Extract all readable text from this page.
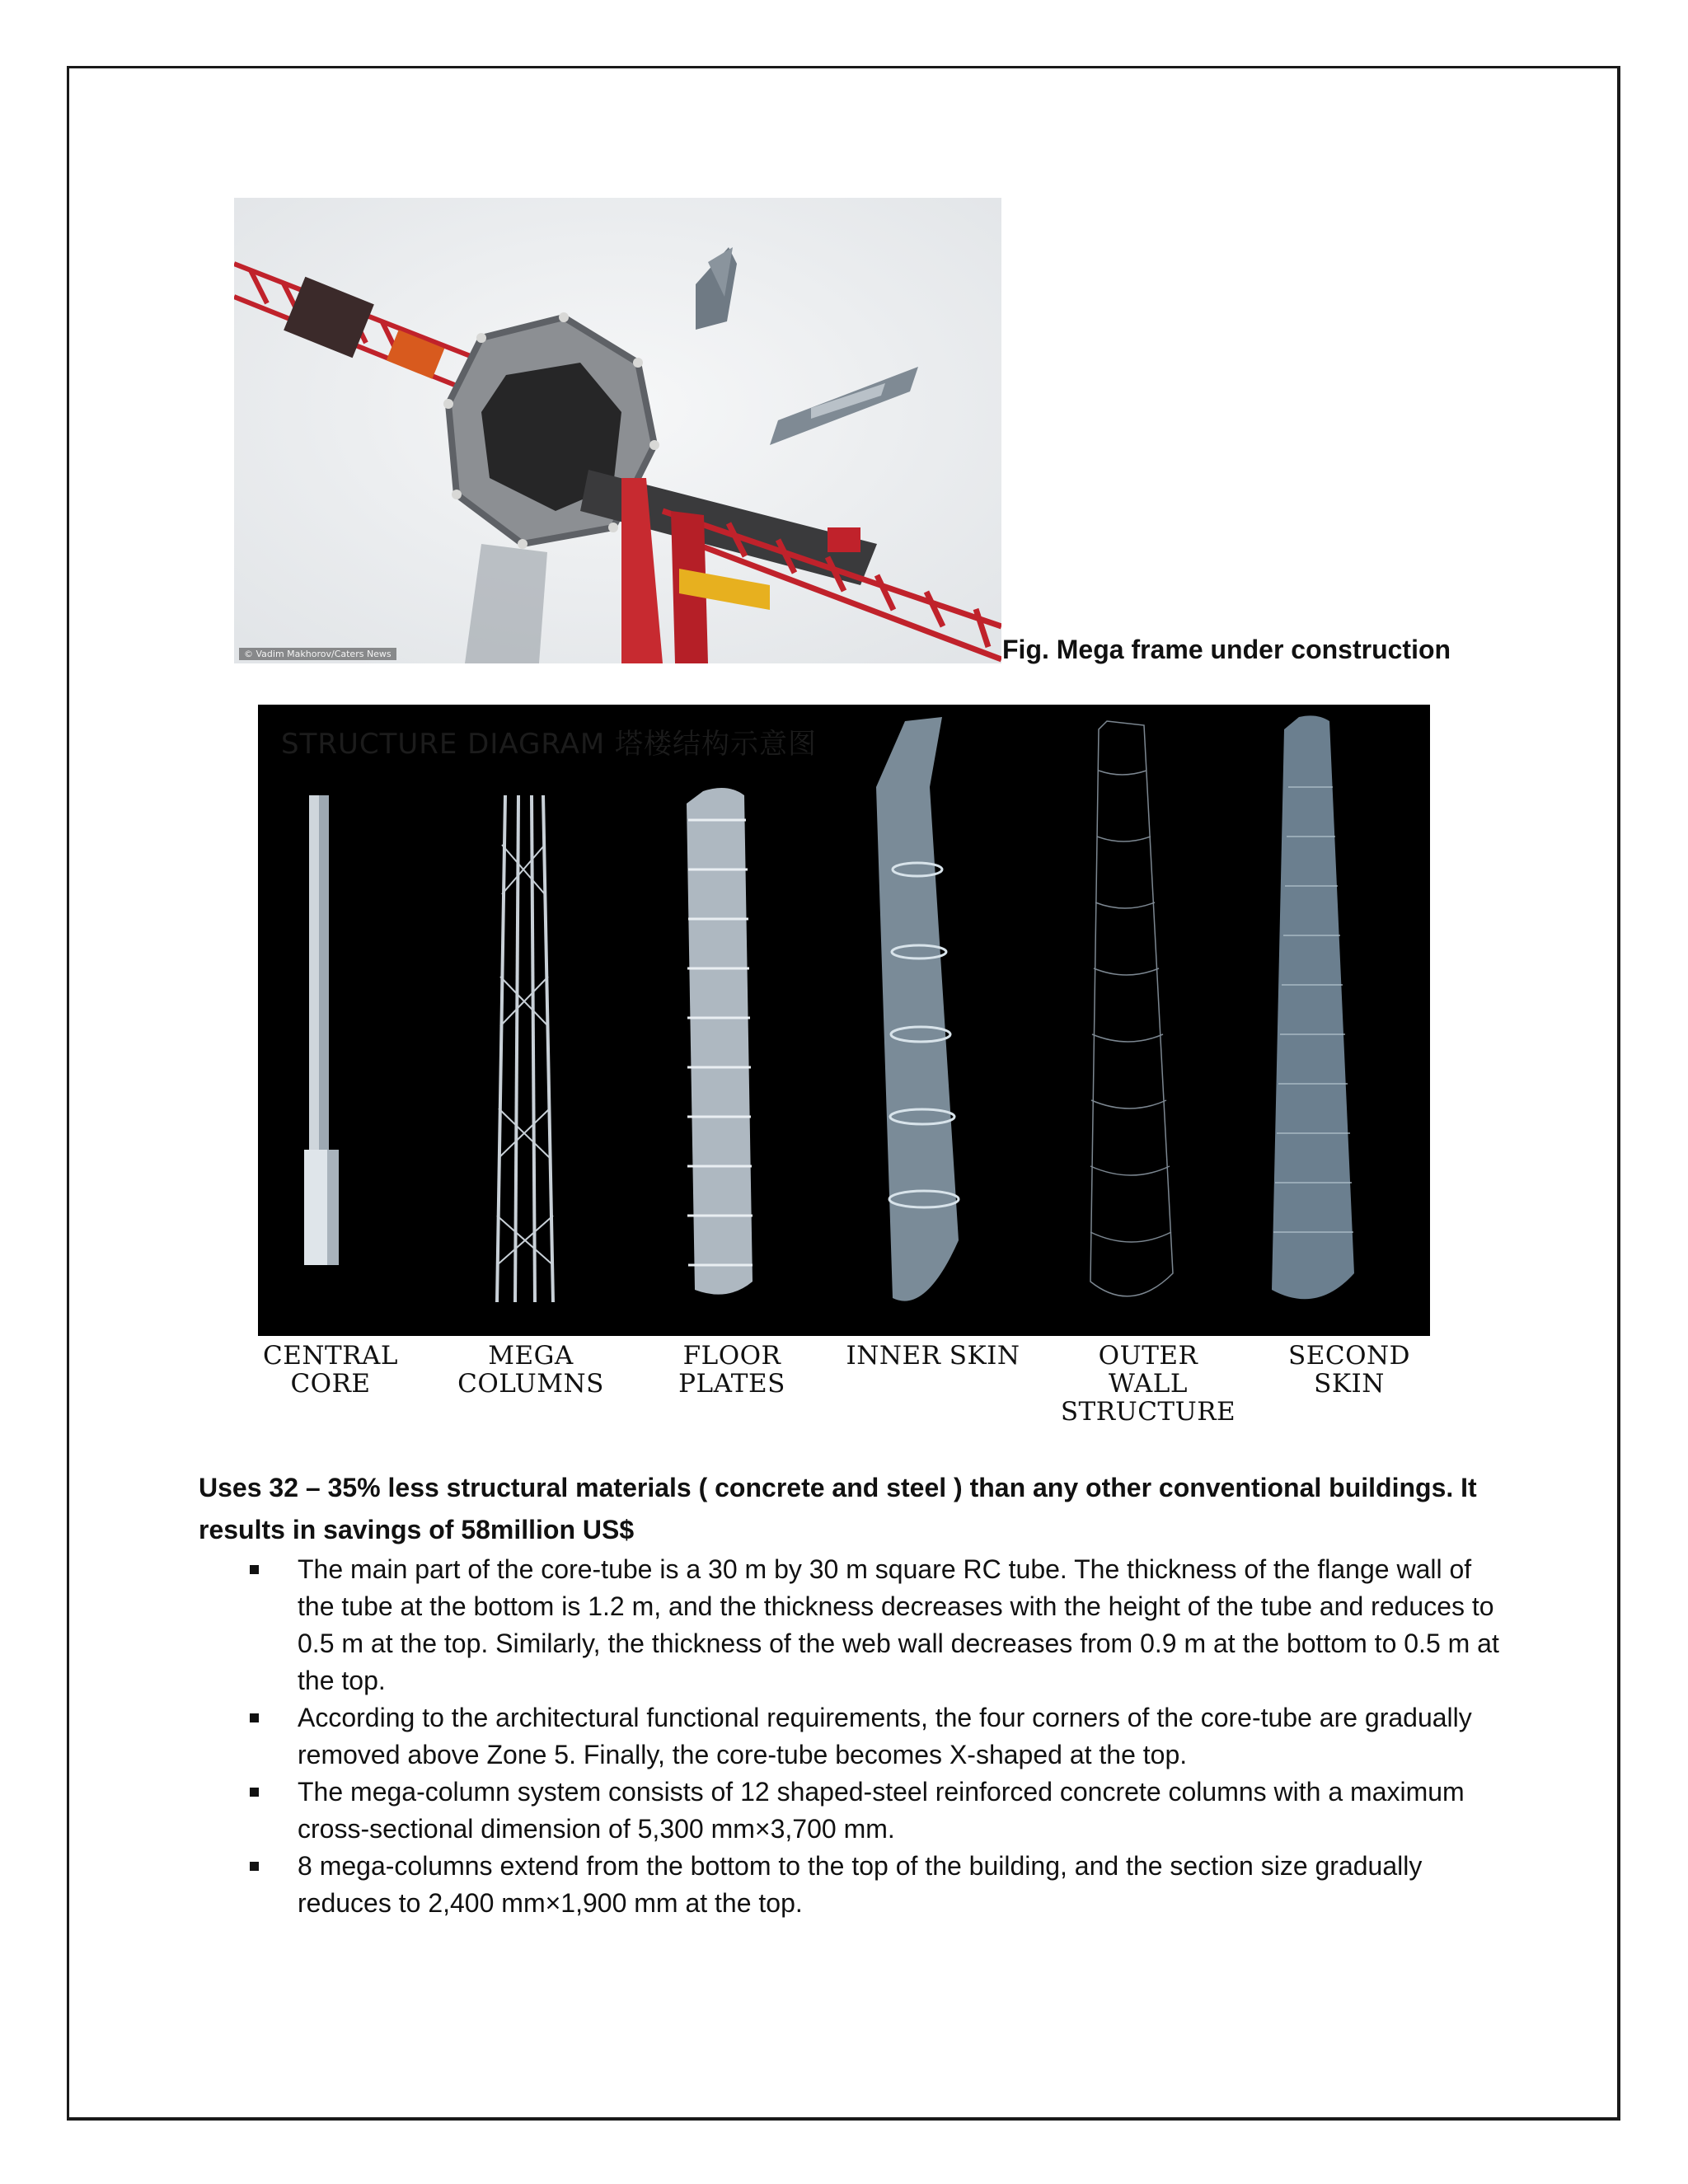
© Vadim Makhorov/Caters News	Fig. Mega frame under construction
STRUCTURE DIAGRAM 塔楼结构示意图
CENTRAL
CORE
MEGA
COLUMNS
FLOOR
PLATES
INNER SKIN	OUTER
WALL
STRUCTURE
SECOND
SKIN

Uses 32 – 35% less structural materials ( concrete and steel ) than any other conventional buildings. It results in savings of 58million US$

The main part of the core-tube is a 30 m by 30 m square RC tube. The thickness of the flange wall of the tube at the bottom is 1.2 m, and the thickness decreases with the height of the tube and reduces to 0.5 m at the top. Similarly, the thickness of the web wall decreases from 0.9 m at the bottom to 0.5 m at the top.
According to the architectural functional requirements, the four corners of the core-tube are gradually removed above Zone 5. Finally, the core-tube becomes X-shaped at the top.
The mega-column system consists of 12 shaped-steel reinforced concrete columns with a maximum cross-sectional dimension of 5,300 mm×3,700 mm.
8 mega-columns extend from the bottom to the top of the building, and the section size gradually reduces to 2,400 mm×1,900 mm at the top.
